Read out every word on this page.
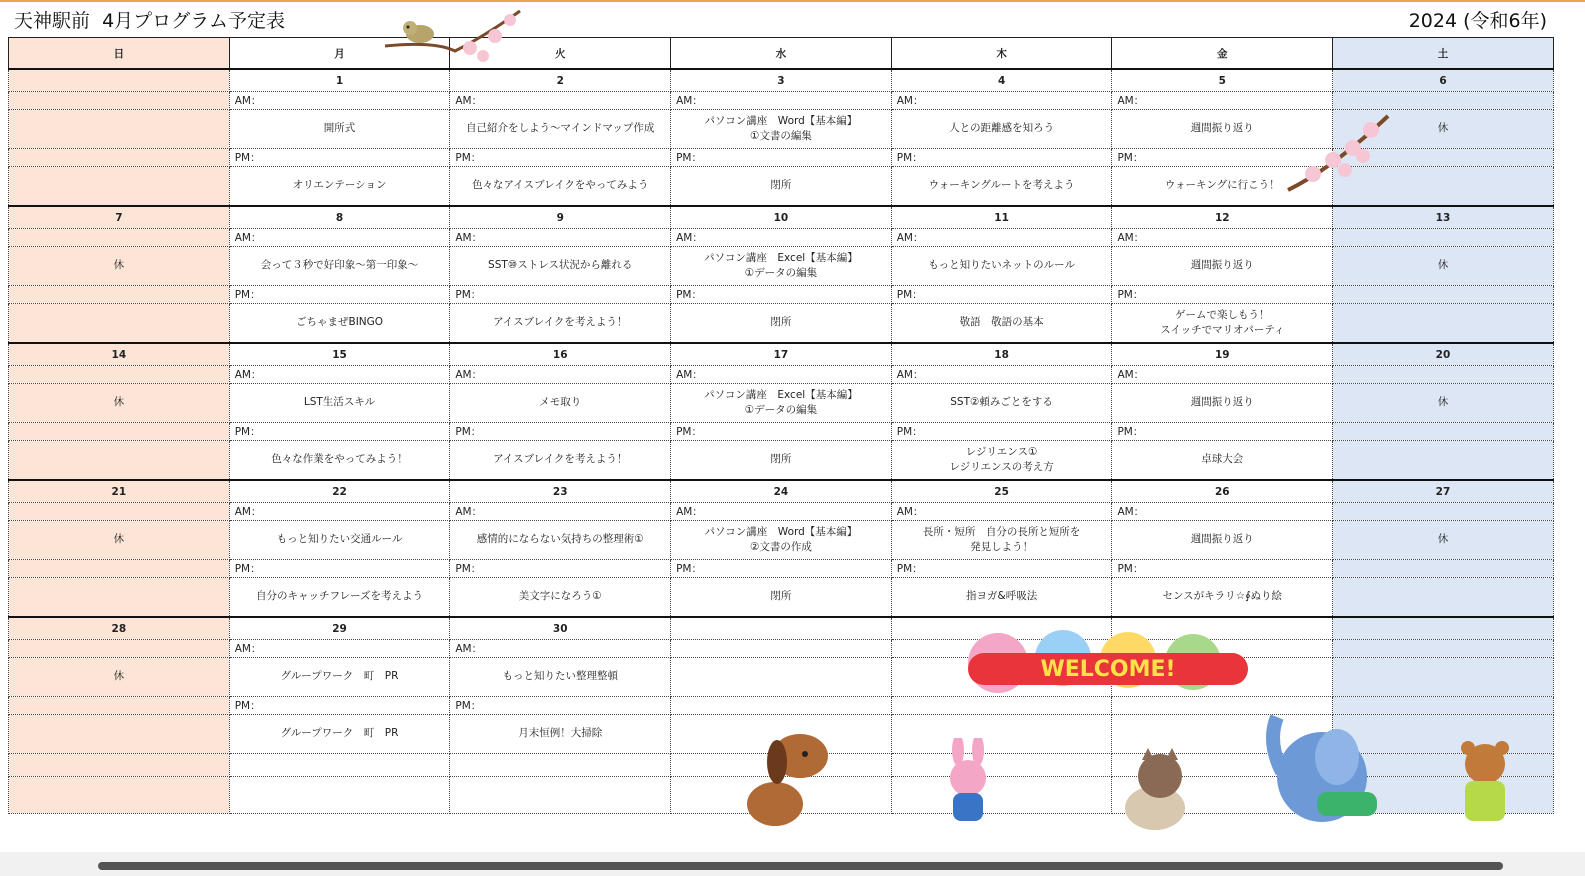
天神駅前  4月プログラム予定表	2024 (令和6年)
日	月	火	水	木	金	土
	1	2	3	4	5	6
	AM：	AM：	AM：	AM：	AM：	
	開所式	自己紹介をしよう〜マインドマップ作成	パソコン講座　Word【基本編】
①文書の編集	人との距離感を知ろう	週間振り返り	休
	PM：	PM：	PM：	PM：	PM：	
	オリエンテーション	色々なアイスブレイクをやってみよう	閉所	ウォーキングルートを考えよう	ウォーキングに行こう！	
7	8	9	10	11	12	13
	AM：	AM：	AM：	AM：	AM：	
休	会って３秒で好印象〜第一印象〜	SST⑩ストレス状況から離れる	パソコン講座　Excel【基本編】
①データの編集	もっと知りたいネットのルール	週間振り返り	休
	PM：	PM：	PM：	PM：	PM：	
	ごちゃまぜBINGO	アイスブレイクを考えよう！	閉所	敬語　敬語の基本	ゲームで楽しもう！
スイッチでマリオパーティ	
14	15	16	17	18	19	20
	AM：	AM：	AM：	AM：	AM：	
休	LST生活スキル	メモ取り	パソコン講座　Excel【基本編】
①データの編集	SST②頼みごとをする	週間振り返り	休
	PM：	PM：	PM：	PM：	PM：	
	色々な作業をやってみよう！	アイスブレイクを考えよう！	閉所	レジリエンス①
レジリエンスの考え方	卓球大会	
21	22	23	24	25	26	27
	AM：	AM：	AM：	AM：	AM：	
休	もっと知りたい交通ルール	感情的にならない気持ちの整理術①	パソコン講座　Word【基本編】
②文書の作成	長所・短所　自分の長所と短所を
発見しよう！	週間振り返り	休
	PM：	PM：	PM：	PM：	PM：	
	自分のキャッチフレーズを考えよう	美文字になろう①	閉所	指ヨガ&呼吸法	センスがキラリ☆∮ぬり絵	
28	29	30				
	AM：	AM：				
休	グループワーク　町　PR	もっと知りたい整理整頓				
	PM：	PM：				
	グループワーク　町　PR	月末恒例！大掃除				

WELCOME!
